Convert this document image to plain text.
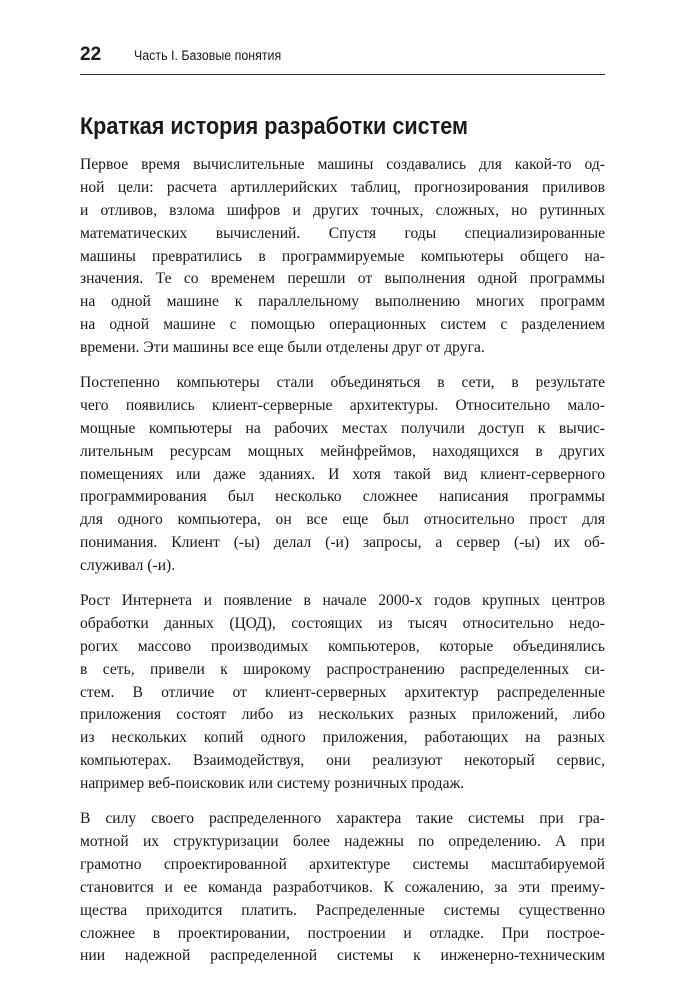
22	Часть I. Базовые понятия
Краткая история разработки систем

Первое время вычислительные машины создавались для какой-то од-
ной цели: расчета артиллерийских таблиц, прогнозирования приливов
и отливов, взлома шифров и других точных, сложных, но рутинных
математических вычислений. Спустя годы специализированные
машины превратились в программируемые компьютеры общего на-
значения. Те со временем перешли от выполнения одной программы
на одной машине к параллельному выполнению многих программ
на одной машине с помощью операционных систем с разделением
времени. Эти машины все еще были отделены друг от друга.

Постепенно компьютеры стали объединяться в сети, в результате
чего появились клиент-серверные архитектуры. Относительно мало-
мощные компьютеры на рабочих местах получили доступ к вычис-
лительным ресурсам мощных мейнфреймов, находящихся в других
помещениях или даже зданиях. И хотя такой вид клиент-серверного
программирования был несколько сложнее написания программы
для одного компьютера, он все еще был относительно прост для
понимания. Клиент (-ы) делал (-и) запросы, а сервер (-ы) их об-
служивал (-и).

Рост Интернета и появление в начале 2000-х годов крупных центров
обработки данных (ЦОД), состоящих из тысяч относительно недо-
рогих массово производимых компьютеров, которые объединялись
в сеть, привели к широкому распространению распределенных си-
стем. В отличие от клиент-серверных архитектур распределенные
приложения состоят либо из нескольких разных приложений, либо
из нескольких копий одного приложения, работающих на разных
компьютерах. Взаимодействуя, они реализуют некоторый сервис,
например веб-поисковик или систему розничных продаж.

В силу своего распределенного характера такие системы при гра-
мотной их структуризации более надежны по определению. А при
грамотно спроектированной архитектуре системы масштабируемой
становится и ее команда разработчиков. К сожалению, за эти преиму-
щества приходится платить. Распределенные системы существенно
сложнее в проектировании, построении и отладке. При построе-
нии надежной распределенной системы к инженерно-техническим
